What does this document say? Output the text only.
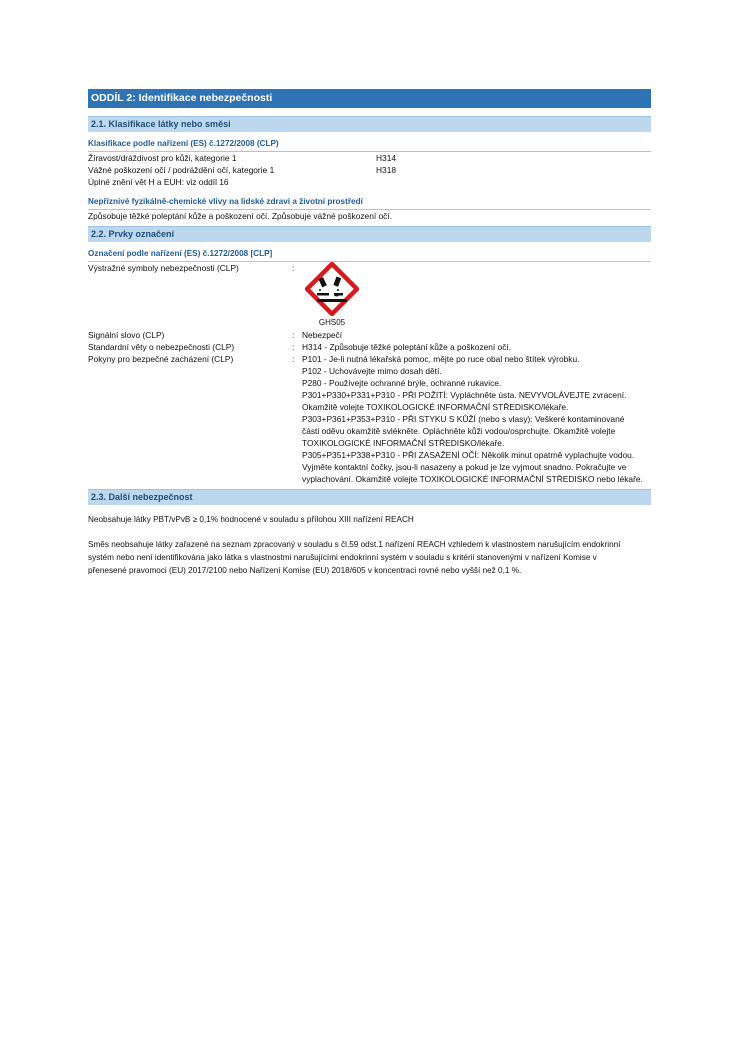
ODDÍL 2: Identifikace nebezpečnosti
2.1. Klasifikace látky nebo směsi
Klasifikace podle nařízení (ES) č.1272/2008 (CLP)
Žíravost/dráždivost pro kůži, kategorie 1	H314
Vážné poškození očí / podráždění očí, kategorie 1	H318
Úplné znění vět H a EUH: viz oddíl 16
Nepříznivé fyzikálně-chemické vlivy na lidské zdraví a životní prostředí
Způsobuje těžké poleptání kůže a poškození očí. Způsobuje vážné poškození očí.
2.2. Prvky označení
Označení podle nařízení (ES) č.1272/2008 [CLP]
Výstražné symboly nebezpečnosti (CLP)	:
GHS05
Signální slovo (CLP)	: Nebezpečí
Standardní věty o nebezpečnosti (CLP)	: H314 - Způsobuje těžké poleptání kůže a poškození očí.
Pokyny pro bezpečné zacházení (CLP)	: P101 - Je-li nutná lékařská pomoc, mějte po ruce obal nebo štítek výrobku.
P102 - Uchovávejte mimo dosah dětí.
P280 - Používejte ochranné brýle, ochranné rukavice.
P301+P330+P331+P310 - PŘI POŽITÍ: Vypláchněte ústa. NEVYVOLÁVEJTE zvracení.
Okamžitě volejte TOXIKOLOGICKÉ INFORMAČNÍ STŘEDISKO/lékaře.
P303+P361+P353+P310 - PŘI STYKU S KŮŽÍ (nebo s vlasy): Veškeré kontaminované
části oděvu okamžitě svlékněte. Opláchněte kůži vodou/osprchujte. Okamžitě volejte
TOXIKOLOGICKÉ INFORMAČNÍ STŘEDISKO/lékaře.
P305+P351+P338+P310 - PŘI ZASAŽENÍ OČÍ: Několik minut opatrně vyplachujte vodou.
Vyjměte kontaktní čočky, jsou-li nasazeny a pokud je lze vyjmout snadno. Pokračujte ve
vyplachování. Okamžitě volejte TOXIKOLOGICKÉ INFORMAČNÍ STŘEDISKO nebo lékaře.
2.3. Další nebezpečnost
Neobsahuje látky PBT/vPvB ≥ 0,1% hodnocené v souladu s přílohou XIII nařízení REACH
Směs neobsahuje látky zařazené na seznam zpracovaný v souladu s čl.59 odst.1 nařízení REACH vzhledem k vlastnostem narušujícím endokrinní
systém nebo není identifikována jako látka s vlastnostmi narušujícími endokrinní systém v souladu s kritérii stanovenými v nařízení Komise v
přenesené pravomoci (EU) 2017/2100 nebo Nařízení Komise (EU) 2018/605 v koncentraci rovné nebo vyšší než 0,1 %.
